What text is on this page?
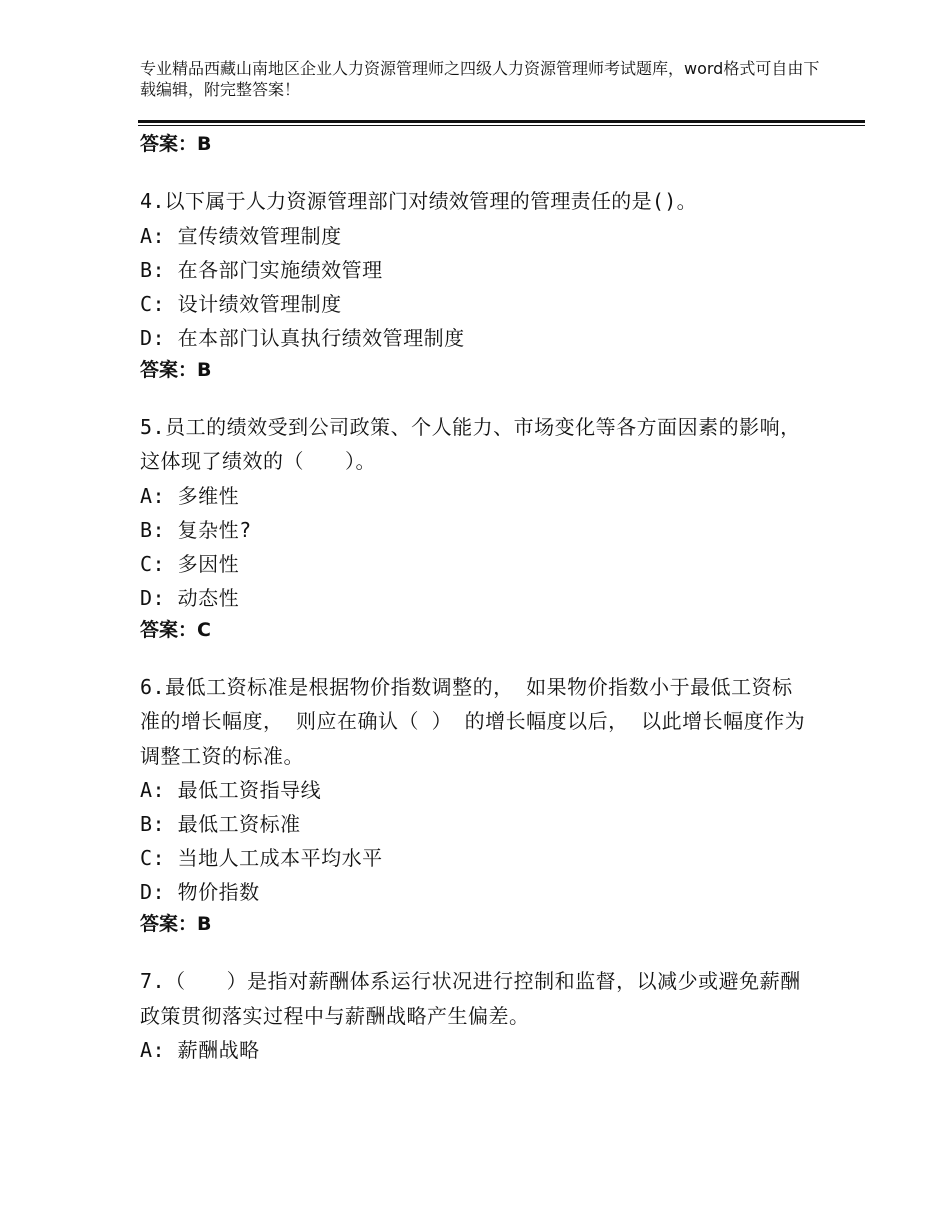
专业精品西藏山南地区企业人力资源管理师之四级人力资源管理师考试题库，word格式可自由下载编辑，附完整答案！
答案：B
4.以下属于人力资源管理部门对绩效管理的管理责任的是()。
A: 宣传绩效管理制度
B: 在各部门实施绩效管理
C: 设计绩效管理制度
D: 在本部门认真执行绩效管理制度
答案：B
5.员工的绩效受到公司政策、个人能力、市场变化等各方面因素的影响，这体现了绩效的（　　）。
A: 多维性
B: 复杂性?
C: 多因性
D: 动态性
答案：C
6.最低工资标准是根据物价指数调整的， 如果物价指数小于最低工资标准的增长幅度， 则应在确认（ ） 的增长幅度以后， 以此增长幅度作为调整工资的标准。
A: 最低工资指导线
B: 最低工资标准
C: 当地人工成本平均水平
D: 物价指数
答案：B
7.（　　）是指对薪酬体系运行状况进行控制和监督，以减少或避免薪酬政策贯彻落实过程中与薪酬战略产生偏差。
A: 薪酬战略
